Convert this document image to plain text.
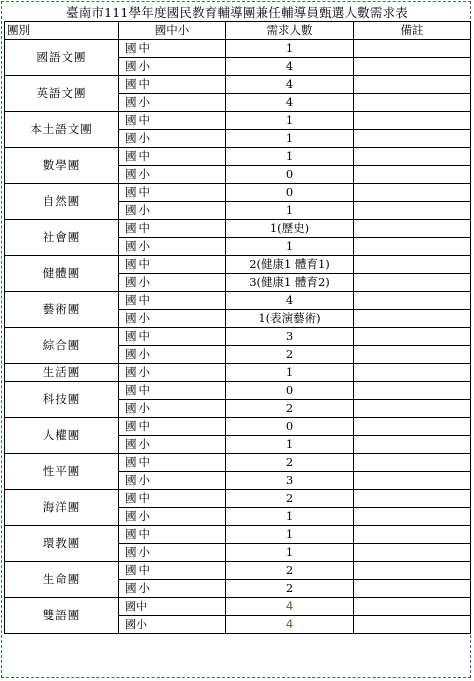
臺南市111學年度國民教育輔導團兼任輔導員甄選人數需求表
團別	國中小	需求人數	備註
國語文團	國中	1	
	國小	4	
英語文團	國中	4	
	國小	4	
本土語文團	國中	1	
	國小	1	
數學團	國中	1	
	國小	0	
自然團	國中	0	
	國小	1	
社會團	國中	1(歷史)	
	國小	1	
健體團	國中	2(健康1 體育1)	
	國小	3(健康1 體育2)	
藝術團	國中	4	
	國小	1(表演藝術)	
綜合團	國中	3	
	國小	2	
生活團	國小	1	
科技團	國中	0	
	國小	2	
人權團	國中	0	
	國小	1	
性平團	國中	2	
	國小	3	
海洋團	國中	2	
	國小	1	
環教團	國中	1	
	國小	1	
生命團	國中	2	
	國小	2	
雙語團	國中	4	
	國小	4	
